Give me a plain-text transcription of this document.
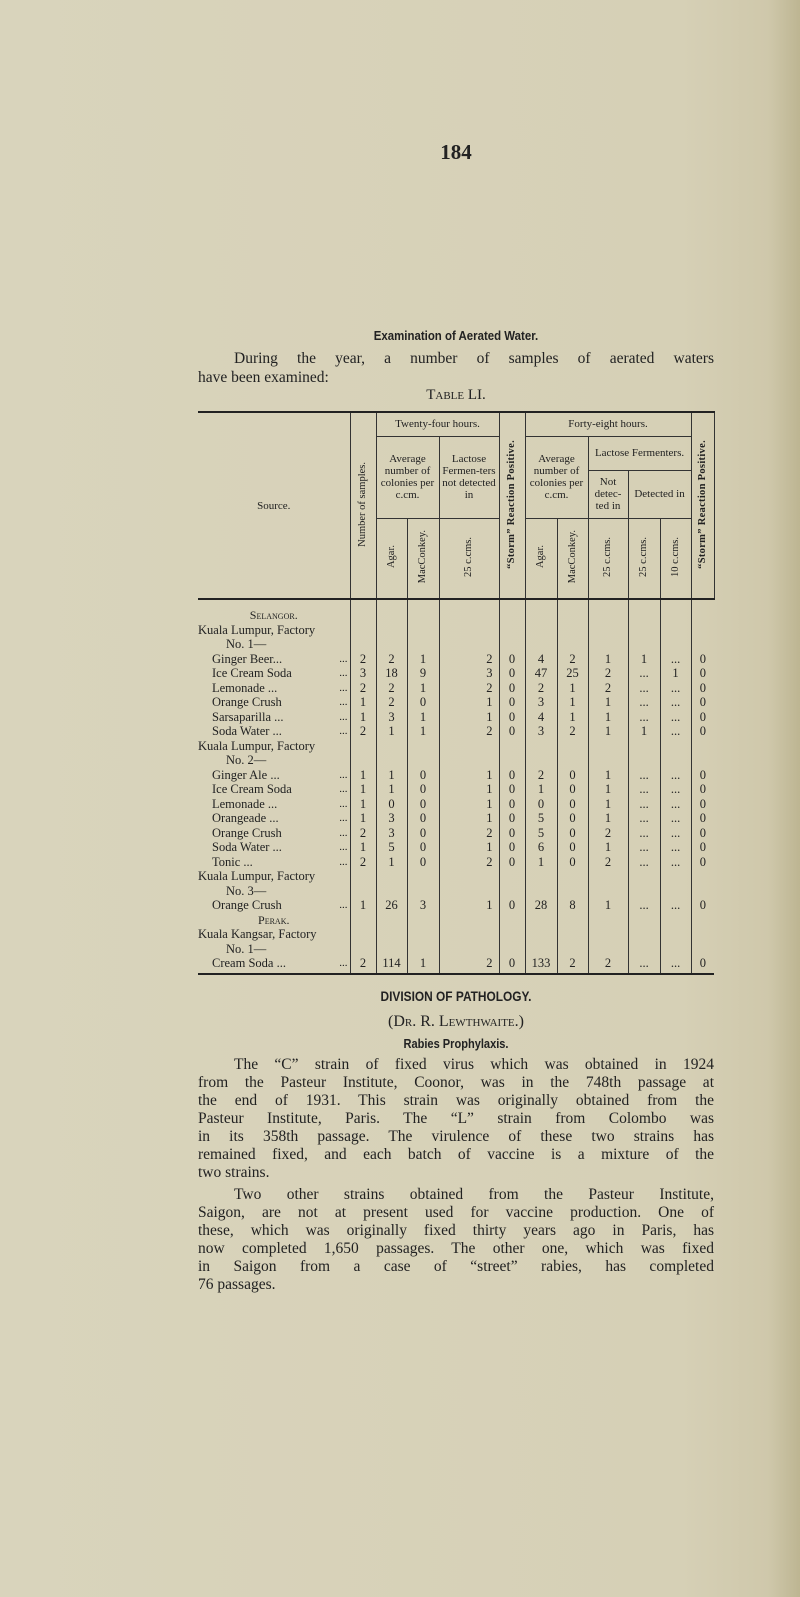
184
Examination of Aerated Water.
During the year, a number of samples of aerated waters
have been examined:
Table LI.
Source.	Number of samples.	Twenty-four hours.			“Storm” Reaction Positive.	Forty-eight hours.					“Storm” Reaction Positive.
		Average number of colonies per c.cm.		Lactose Fermen-ters not detected in		Average number of colonies per c.cm.		Lactose Fermenters.			
								Not detec-ted in	Detected in		
		Agar.	MacConkey.	25 c.cms.		Agar.	MacConkey.	25 c.cms.	25 c.cms.	10 c.cms.	

Selangor.											

Kuala Lumpur, Factory											

No. 1—											

Ginger Beer... ...	2	2	1	2	0	4	2	1	1	...	0
Ice Cream Soda ...	3	18	9	3	0	47	25	2	...	1	0
Lemonade ... ...	2	2	1	2	0	2	1	2	...	...	0
Orange Crush ...	1	2	0	1	0	3	1	1	...	...	0
Sarsaparilla ... ...	1	3	1	1	0	4	1	1	...	...	0
Soda Water ... ...	2	1	1	2	0	3	2	1	1	...	0

Kuala Lumpur, Factory											

No. 2—											

Ginger Ale ... ...	1	1	0	1	0	2	0	1	...	...	0
Ice Cream Soda ...	1	1	0	1	0	1	0	1	...	...	0
Lemonade ... ...	1	0	0	1	0	0	0	1	...	...	0
Orangeade ... ...	1	3	0	1	0	5	0	1	...	...	0
Orange Crush ...	2	3	0	2	0	5	0	2	...	...	0
Soda Water ... ...	1	5	0	1	0	6	0	1	...	...	0
Tonic ... ...	2	1	0	2	0	1	0	2	...	...	0

Kuala Lumpur, Factory											

No. 3—											

Orange Crush ...	1	26	3	1	0	28	8	1	...	...	0

Perak.											

Kuala Kangsar, Factory											

No. 1—											

Cream Soda ... ...	2	114	1	2	0	133	2	2	...	...	0
DIVISION OF PATHOLOGY.
(Dr. R. Lewthwaite.)
Rabies Prophylaxis.
The “C” strain of fixed virus which was obtained in 1924
from the Pasteur Institute, Coonor, was in the 748th passage at
the end of 1931. This strain was originally obtained from the
Pasteur Institute, Paris. The “L” strain from Colombo was
in its 358th passage. The virulence of these two strains has
remained fixed, and each batch of vaccine is a mixture of the
two strains.
Two other strains obtained from the Pasteur Institute,
Saigon, are not at present used for vaccine production. One of
these, which was originally fixed thirty years ago in Paris, has
now completed 1,650 passages. The other one, which was fixed
in Saigon from a case of “street” rabies, has completed
76 passages.
